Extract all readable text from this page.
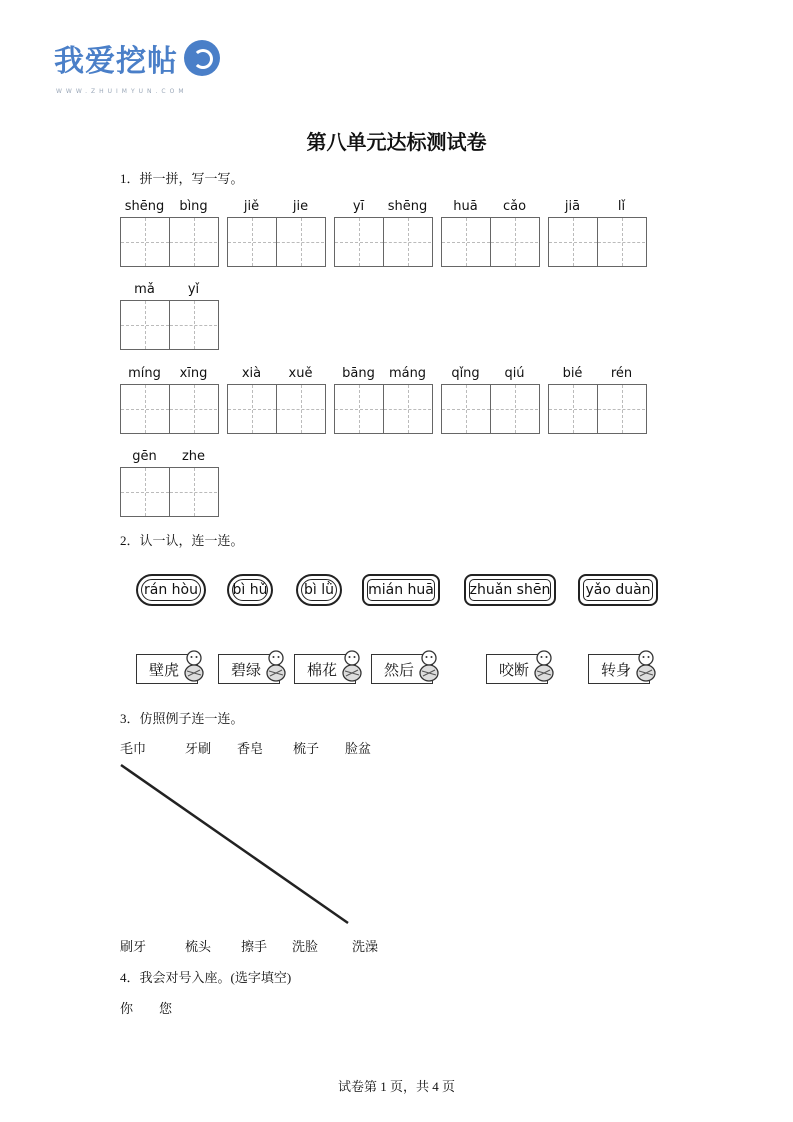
我爱挖帖
WWW.ZHUIMYUN.COM
第八单元达标测试卷
1．拼一拼，写一写。
shēng	bìng	jiě	jie	yī	shēng	huā	cǎo	jiā	lǐ
mǎ	yǐ
míng	xīng	xià	xuě	bāng	máng	qǐng	qiú	bié	rén
gēn	zhe
2．认一认，连一连。
rán hòu bì hǔ	bì lǜ mián huā	zhuǎn shēn	yǎo duàn
壁虎	碧绿	棉花	然后	咬断	转身
3．仿照例子连一连。
毛巾	牙刷 香皂 梳子 脸盆
刷牙	梳头 擦手 洗脸	洗澡
4．我会对号入座。(选字填空)
你 您
试卷第 1 页，共 4 页
